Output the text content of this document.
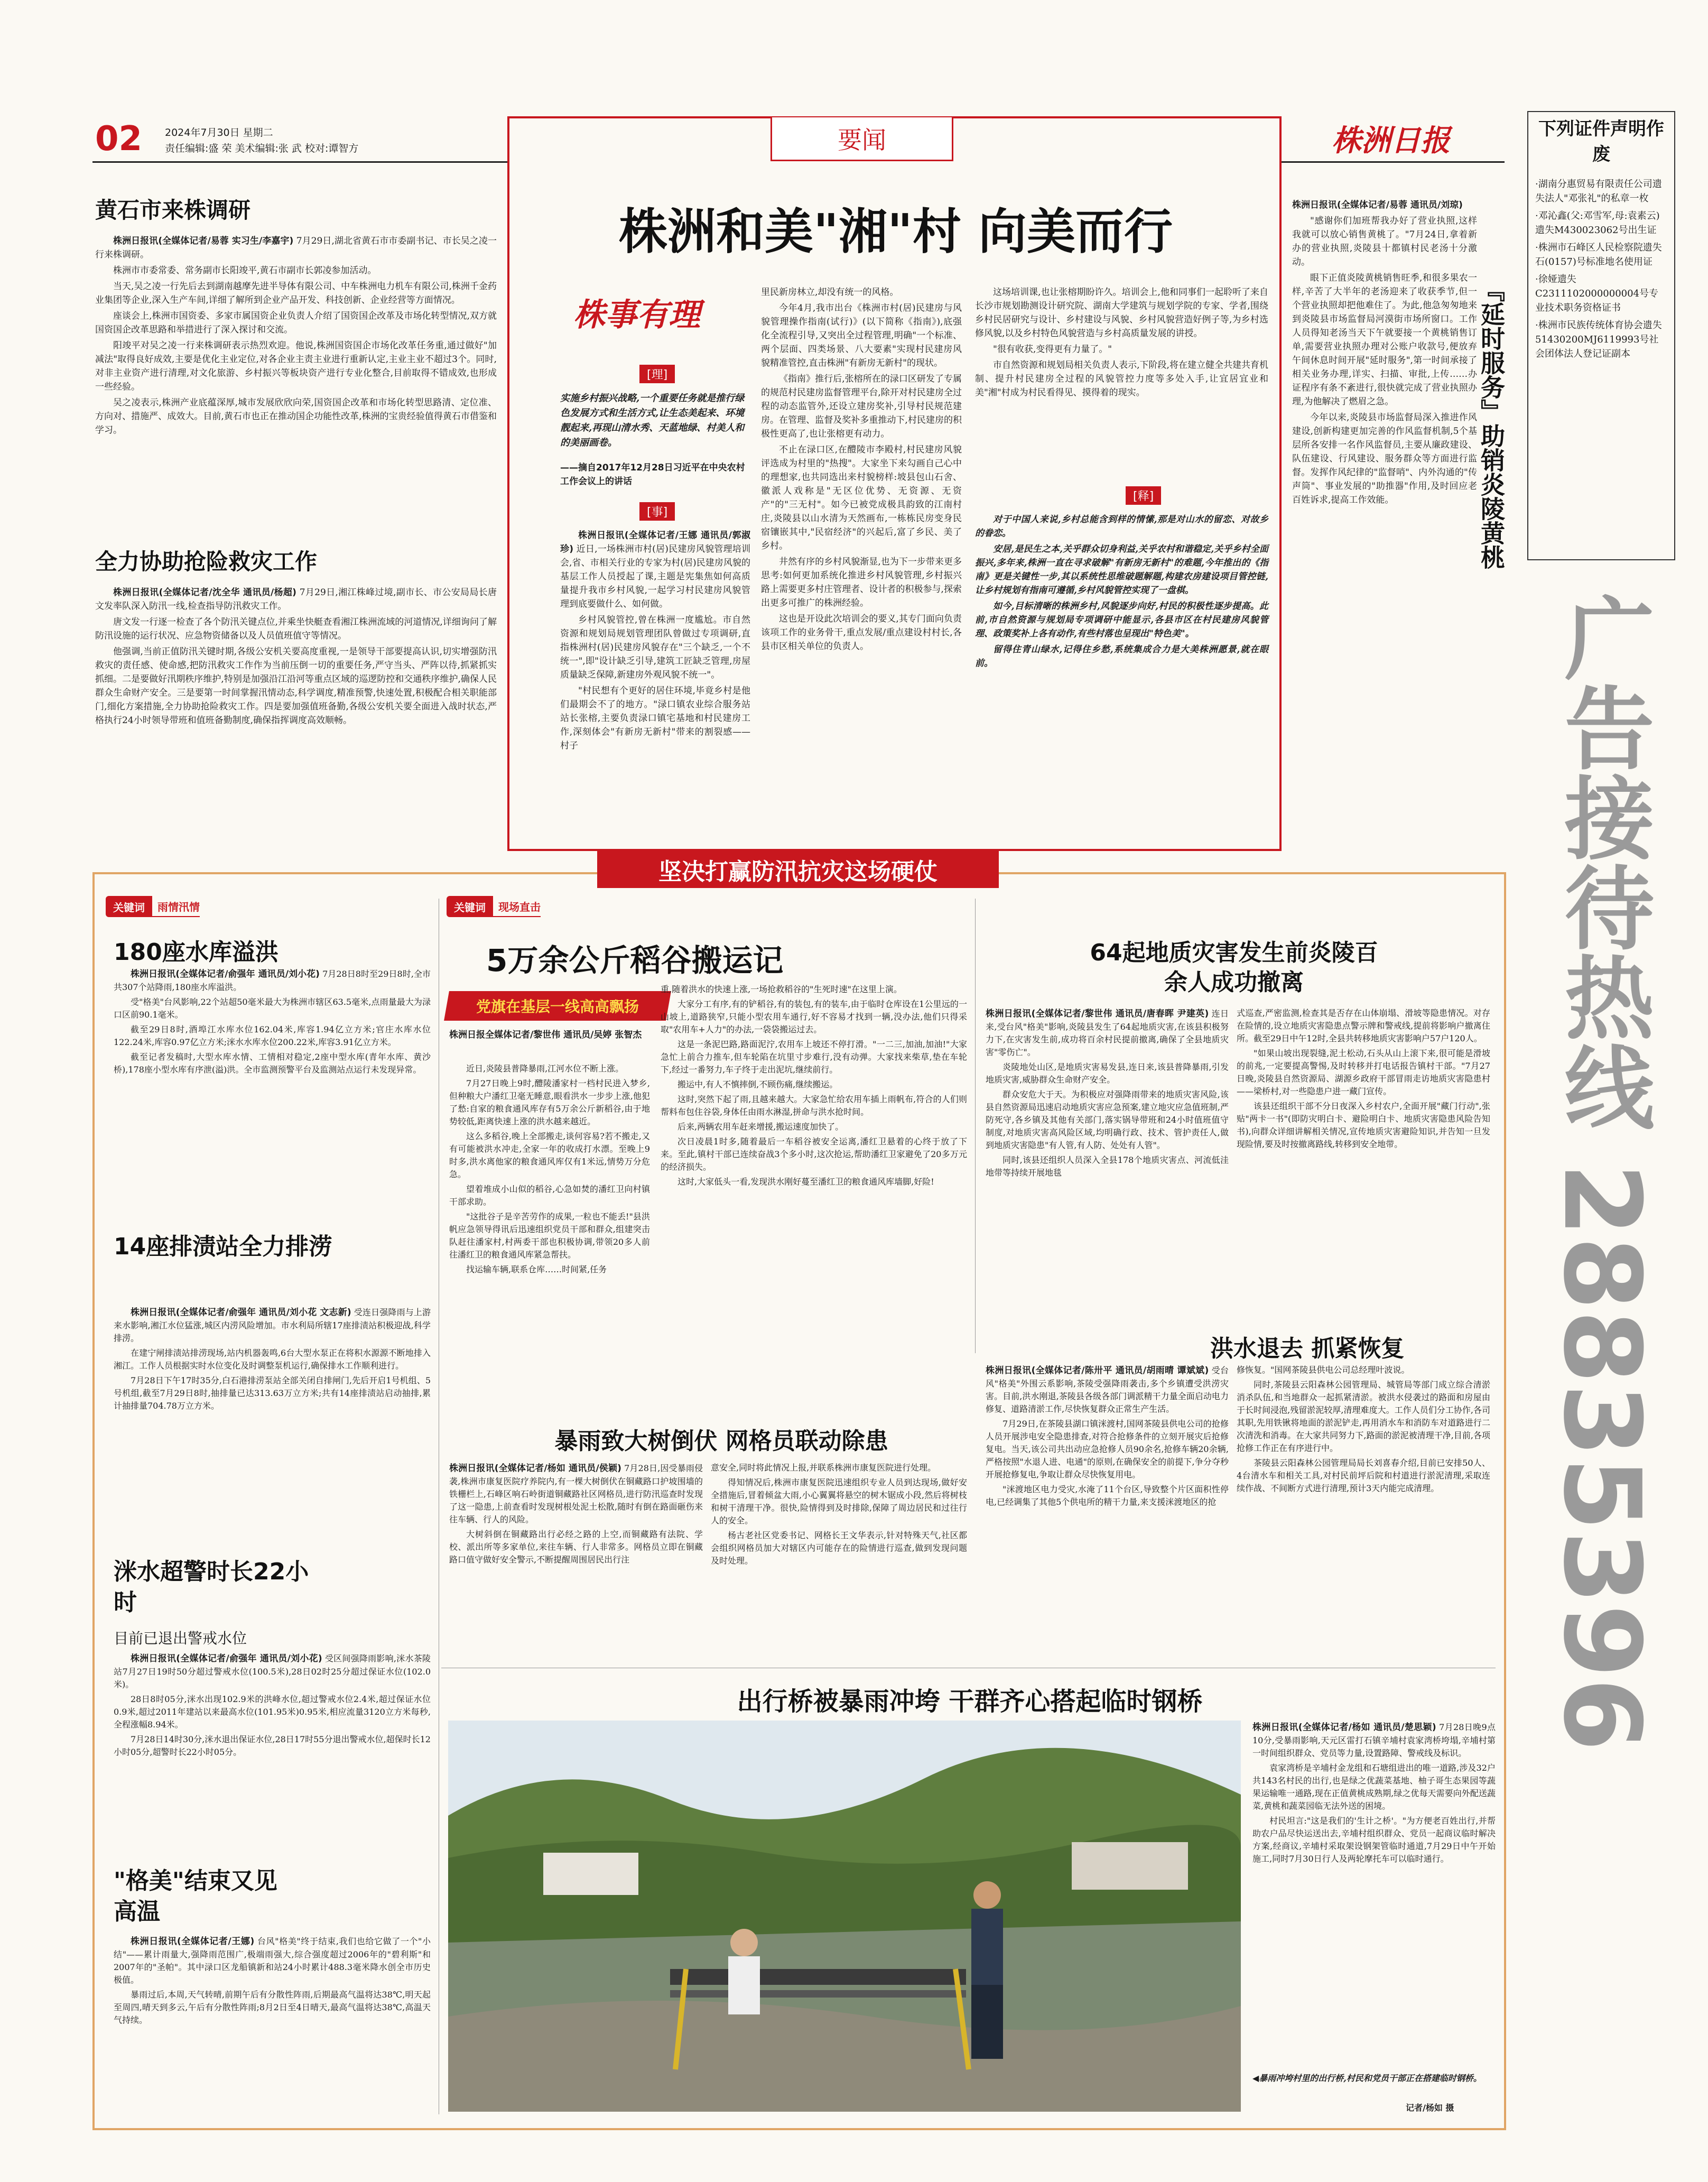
02 2024年7月30日 星期二
责任编辑:盛 荣 美术编辑:张 武 校对:谭智方	株洲日报
黄石市来株调研

株洲日报讯(全媒体记者/易蓉 实习生/李嘉宇) 7月29日,湖北省黄石市市委副书记、市长吴之凌一行来株调研。

株洲市市委常委、常务副市长阳竣平,黄石市副市长郭凌参加活动。

当天,吴之凌一行先后去到湖南越摩先进半导体有限公司、中车株洲电力机车有限公司,株洲千金药业集团等企业,深入生产车间,详细了解所到企业产品开发、科技创新、企业经营等方面情况。

座谈会上,株洲市国资委、多家市属国资企业负责人介绍了国资国企改革及市场化转型情况,双方就国资国企改革思路和举措进行了深入探讨和交流。

阳竣平对吴之凌一行来株调研表示热烈欢迎。他说,株洲国资国企市场化改革任务重,通过做好"加减法"取得良好成效,主要是优化主业定位,对各企业主责主业进行重新认定,主业主业不超过3个。同时,对非主业资产进行清理,对文化旅游、乡村振兴等板块资产进行专业化整合,目前取得不错成效,也形成一些经验。

吴之凌表示,株洲产业底蕴深厚,城市发展欣欣向荣,国资国企改革和市场化转型思路清、定位准、方向对、措施严、成效大。目前,黄石市也正在推动国企功能性改革,株洲的宝贵经验值得黄石市借鉴和学习。

全力协助抢险救灾工作

株洲日报讯(全媒体记者/沈全华 通讯员/杨超) 7月29日,湘江株峰过境,副市长、市公安局局长唐文发率队深入防汛一线,检查指导防汛救灾工作。

唐文发一行逐一检查了各个防汛关键点位,并乘坐快艇查看湘江株洲流域的河道情况,详细询问了解防汛设施的运行状况、应急物资储备以及人员值班值守等情况。

他强调,当前正值防汛关键时期,各级公安机关要高度重视,一是领导干部要提高认识,切实增强防汛救灾的责任感、使命感,把防汛救灾工作作为当前压倒一切的重要任务,严守当头、严阵以待,抓紧抓实抓细。二是要做好汛期秩序维护,特别是加强沿江沿河等重点区域的巡逻防控和交通秩序维护,确保人民群众生命财产安全。三是要第一时间掌握汛情动态,科学调度,精准预警,快速处置,积极配合相关职能部门,细化方案措施,全力协助抢险救灾工作。四是要加强值班备勤,各级公安机关要全面进入战时状态,严格执行24小时领导带班和值班备勤制度,确保指挥调度高效顺畅。

要闻
株洲和美"湘"村 向美而行
株事有理
[理]
实施乡村振兴战略,一个重要任务就是推行绿色发展方式和生活方式,让生态美起来、环境靓起来,再现山清水秀、天蓝地绿、村美人和的美丽画卷。
——摘自2017年12月28日习近平在中央农村工作会议上的讲话
[事]

株洲日报讯(全媒体记者/王娜 通讯员/郭淑珍) 近日,一场株洲市村(居)民建房风貌管理培训会,省、市相关行业的专家为村(居)民建房风貌的基层工作人员授起了课,主题是宪集焦如何高质量提升我市乡村风貌,一起学习村民建房风貌管理到底要做什么、如何做。

乡村风貌管控,曾在株洲一度尴尬。市自然资源和规划局规划管理团队曾做过专项调研,直指株洲村(居)民建房风貌存在"三个缺乏,一个不统一",即"设计缺乏引导,建筑工匠缺乏管理,房屋质量缺乏保障,新建房外观风貌不统一"。

"村民想有个更好的居住环境,毕竟乡村是他们最期会不了的地方。"渌口镇农业综合服务站站长张榕,主要负责渌口镇宅基地和村民建房工作,深刻体会"有新房无新村"带来的割裂感——村子

里民新房林立,却没有统一的风格。

今年4月,我市出台《株洲市村(居)民建房与风貌管理操作指南(试行)》(以下简称《指南》),底强化全流程引导,又突出全过程管理,明确"一个标准、两个层面、四类场景、八大要素"实现村民建房风貌精准管控,直击株洲"有新房无新村"的现状。

《指南》推行后,张榕所在的渌口区研发了专属的规范村民建房监督管理平台,除开对村民建房全过程的动态监管外,还设立建房奖补,引导村民规范建房。在管理、监督及奖补多重推动下,村民建房的积极性更高了,也让张榕更有动力。

不止在渌口区,在醴陵市李殿村,村民建房风貌评选成为村里的"热搜"。大家坐下来勾画自己心中的理想家,也共同选出来村貌榜样:坡县包山石舍、徽派人戏称是"无区位优势、无资源、无资产"的"三无村"。如今已被党成极具韵致的江南村庄,炎陵县以山水清为天然画布,一栋栋民房变身民宿镶嵌其中,"民宿经济"的兴起后,富了乡民、美了乡村。

井然有序的乡村风貌渐显,也为下一步带来更多思考:如何更加系统化推进乡村风貌管理,乡村振兴路上需要更多村庄管理者、设计者的积极参与,探索出更多可推广的株洲经验。

这也是开设此次培训会的要义,其专门面向负责该项工作的业务骨干,重点发展/重点建设村村长,各县市区相关单位的负责人。

这场培训课,也让张榕期盼许久。培训会上,他和同事们一起聆听了来自长沙市规划勘测设计研究院、湖南大学建筑与规划学院的专家、学者,围绕乡村民居研究与设计、乡村建设与风貌、乡村风貌营造好例子等,为乡村选修风貌,以及乡村特色风貌营造与乡村高质量发展的讲授。

"很有收获,变得更有力量了。"

市自然资源和规划局相关负责人表示,下阶段,将在建立健全共建共育机制、提升村民建房全过程的风貌管控力度等多处入手,让宜居宜业和美"湘"村成为村民看得见、摸得着的现实。

[释]

对于中国人来说,乡村总能含到样的情愫,那是对山水的留恋、对故乡的眷恋。

安居,是民生之本,关乎群众切身利益,关乎农村和谐稳定,关乎乡村全面振兴,多年来,株洲一直在寻求破解"有新房无新村"的难题,今年推出的《指南》更是关键性一步,其以系统性思维破题解题,构建农房建设项目管控链,让乡村规划有指南可遵循,乡村风貌管控实现了一盘棋。

如今,目标清晰的株洲乡村,风貌逐步向好,村民的积极性逐步提高。此前,市自然资源与规划局专项调研中能显示,各县市区在村民建房风貌管理、政策奖补上各有动作,有些村落也呈现出"特色美"。

留得住青山绿水,记得住乡愁,系统集成合力是大美株洲愿景,就在眼前。

株洲日报讯(全媒体记者/易蓉 通讯员/刘琼)

"感谢你们加班帮我办好了营业执照,这样我就可以放心销售黄桃了。"7月24日,拿着新办的营业执照,炎陵县十都镇村民老汤十分激动。

眼下正值炎陵黄桃销售旺季,和很多果农一样,辛苦了大半年的老汤迎来了收获季节,但一个营业执照却把他难住了。为此,他急匆匆地来到炎陵县市场监督局河漠街市场所窗口。工作人员得知老汤当天下午就要接一个黄桃销售订单,需要营业执照办理对公账户收款号,便放弃午间休息时间开展"延时服务",第一时间承接了相关业务办理,详实、扫描、审批,上传……办证程序有条不紊进行,很快就完成了营业执照办理,为他解决了燃眉之急。

今年以来,炎陵县市场监督局深入推进作风建设,创新构建更加完善的作风监督机制,5个基层所各安排一名作风监督员,主要从廉政建设、队伍建设、行风建设、服务群众等方面进行监督。发挥作风纪律的"监督哨"、内外沟通的"传声筒"、事业发展的"助推器"作用,及时回应老百姓诉求,提高工作效能。	『延时服务』助销炎陵黄桃
下列证件声明作废
·湖南分惠贸易有限责任公司遗失法人"邓张礼"的私章一枚
·邓沁鑫(父:邓雪军,母:袁素云)遗失M430023062号出生证
·株洲市石峰区人民检察院遗失石(0157)号标准地名使用证
·徐娅遗失C2311102000000004号专业技术职务资格证书
·株洲市民族传统体育协会遗失51430200MJ6119993号社会团体法人登记证副本
广告接待热线
28835396
坚决打赢防汛抗灾这场硬仗
关键词	雨情汛情
180座水库溢洪

株洲日报讯(全媒体记者/俞强年 通讯员/刘小花) 7月28日8时至29日8时,全市共307个站降雨,180座水库溢洪。

受"格美"台风影响,22个站超50毫米最大为株洲市辖区63.5毫米,点雨量最大为渌口区前90.1毫米。

截至29日8时,酒埠江水库水位162.04米,库容1.94亿立方米;官庄水库水位122.24米,库容0.97亿立方米;洣水水库水位200.22米,库容3.91亿立方米。

截至记者发稿时,大型水库水情、工情相对稳定,2座中型水库(青年水库、黄沙桥),178座小型水库有序泄(溢)洪。全市监测预警平台及监测站点运行未发现异常。

14座排渍站全力排涝

株洲日报讯(全媒体记者/俞强年 通讯员/刘小花 文志新) 受连日强降雨与上游来水影响,湘江水位猛涨,城区内涝风险增加。市水利局所辖17座排渍站积极迎战,科学排涝。

在建宁闸排渍站排涝现场,站内机器轰鸣,6台大型水泵正在将积水源源不断地排入湘江。工作人员根据实时水位变化及时调整泵机运行,确保排水工作顺利进行。

7月28日下午17时35分,白石港排涝泵站全部关闭自排闸门,先后开启1号机组、5号机组,截至7月29日8时,抽排量已达313.63万立方米;共有14座排渍站启动抽排,累计抽排量704.78万立方米。

洣水超警时长22小时
目前已退出警戒水位

株洲日报讯(全媒体记者/俞强年 通讯员/刘小花) 受区间强降雨影响,洣水茶陵站7月27日19时50分超过警戒水位(100.5米),28日02时25分超过保证水位(102.0米)。

28日8时05分,洣水出现102.9米的洪峰水位,超过警戒水位2.4米,超过保证水位0.9米,超过2011年建站以来最高水位(101.95米)0.95米,相应流量3120立方米每秒,全程涨幅8.94米。

7月28日14时30分,洣水退出保证水位,28日17时55分退出警戒水位,超保时长12小时05分,超警时长22小时05分。

"格美"结束又见高温

株洲日报讯(全媒体记者/王娜) 台风"格美"终于结束,我们也给它做了一个"小结"——累计雨量大,强降雨范围广,极端雨强大,综合强度超过2006年的"碧利斯"和2007年的"圣帕"。其中渌口区龙船镇新和站24小时累计488.3毫米降水创全市历史极值。

暴雨过后,本周,天气转晴,前期午后有分散性阵雨,后期最高气温将达38℃,明天起至周四,晴天到多云,午后有分散性阵雨;8月2日至4日晴天,最高气温将达38℃,高温天气持续。

关键词	现场直击
5万余公斤稻谷搬运记
党旗在基层一线高高飘扬
株洲日报全媒体记者/黎世伟 通讯员/吴婷 张智杰

近日,炎陵县普降暴雨,江河水位不断上涨。

7月27日晚上9时,醴陵潘家村一档村民进入梦乡,但种粮大户潘红卫毫无睡意,眼看洪水一步步上涨,他犯了愁:自家的粮食通风库存有5万余公斤新稻谷,由于地势较低,距离快速上涨的洪水越来越近。

这么多稻谷,晚上全部搬走,谈何容易?若不搬走,又有可能被洪水冲走,全家一年的收成打水漂。至晚上9时多,洪水离他家的粮食通风库仅有1米远,情势万分危急。

望着堆成小山似的稻谷,心急如焚的潘红卫向村镇干部求助。

"这批谷子是辛苦劳作的成果,一粒也不能丢!"县洪帆应急领导得讯后迅速组织党员干部和群众,组建突击队赶往潘家村,村两委干部也积极协调,带领20多人前往潘红卫的粮食通风库紧急帮扶。

找运输车辆,联系仓库……时间紧,任务

重,随着洪水的快速上涨,一场抢救稻谷的"生死时速"在这里上演。

大家分工有序,有的铲稻谷,有的装包,有的装车,由于临时仓库设在1公里远的一山坡上,道路狭窄,只能小型农用车通行,好不容易才找到一辆,没办法,他们只得采取"农用车+人力"的办法,一袋袋搬运过去。

这是一条泥巴路,路面泥泞,农用车上坡还不停打滑。"一二三,加油,加油!"大家急忙上前合力推车,但车轮陷在坑里寸步难行,没有动弹。大家找来柴草,垫在车轮下,经过一番努力,车子终于走出泥坑,继续前行。

搬运中,有人不慎摔倒,不顾伤痛,继续搬运。

这时,突然下起了雨,且越来越大。大家急忙给农用车插上雨帆布,符合的人们则帮料布包住谷袋,身体任由雨水淋湿,拼命与洪水抢时间。

后来,两辆农用车赶来增援,搬运速度加快了。

次日凌晨1时多,随着最后一车稻谷被安全运离,潘红卫悬着的心终于放了下来。至此,镇村干部已连续奋战3个多小时,这次抢运,帮助潘红卫家避免了20多万元的经济损失。

这时,大家低头一看,发现洪水刚好蔓至潘红卫的粮食通风库墙脚,好险!

64起地质灾害发生前炎陵百余人成功撤离

株洲日报讯(全媒体记者/黎世伟 通讯员/唐春晖 尹建英) 连日来,受台风"格美"影响,炎陵县发生了64起地质灾害,在该县积极努力下,在灾害发生前,成功将百余村民提前撤离,确保了全县地质灾害"零伤亡"。

炎陵地处山区,是地质灾害易发县,连日来,该县普降暴雨,引发地质灾害,威胁群众生命财产安全。

群众安危大于天。为积极应对强降雨带来的地质灾害风险,该县自然资源局迅速启动地质灾害应急预案,建立地灾应急值班制,严防死守,各乡镇及其他有关部门,落实锅导带班和24小时值班值守制度,对地质灾害高风险区域,均明确行政、技术、管护责任人,做到地质灾害隐患"有人管,有人防、处处有人管"。

同时,该县还组织人员深入全县178个地质灾害点、河流低洼地带等持续开展地毯

式巡查,严密监测,检查其是否存在山体崩塌、滑坡等隐患情况。对存在险情的,设立地质灾害隐患点警示牌和警戒线,提前将影响户撤离住所。截至29日中午12时,全县共转移地质灾害影响户57户120人。

"如果山坡出现裂缝,泥土松动,石头从山上滚下来,很可能是滑坡的前兆,一定要提高警惕,及时转移并打电话报告镇村干部。"7月27日晚,炎陵县自然资源局、湖源乡政府干部冒雨走访地质灾害隐患村——梁桥村,对一些隐患户进一藏门宣传。

该县还组织干部不分日夜深入乡村农户,全面开展"藏门行动",张贴"两卡一书"(即防灾明白卡、避险明白卡、地质灾害隐患风险告知书),向群众详细讲解相关情况,宣传地质灾害避险知识,并告知一旦发现险情,要及时按撤离路线,转移到安全地带。

洪水退去 抓紧恢复

株洲日报讯(全媒体记者/陈卅平 通讯员/胡雨晴 谭斌斌) 受台风"格美"外围云系影响,茶陵受强降雨袭击,多个乡镇遭受洪涝灾害。目前,洪水刚退,茶陵县各级各部门调派精干力量全面启动电力修复、道路清淤工作,尽快恢复群众正常生产生活。

7月29日,在茶陵县湖口镇洣渡村,国网茶陵县供电公司的抢修人员开展涉电安全隐患排查,对符合抢修条件的立刻开展灾后抢修复电。当天,该公司共出动应急抢修人员90余名,抢修车辆20余辆,严格按照"水退人进、电通"的原则,在确保安全的前提下,争分夺秒开展抢修复电,争取让群众尽快恢复用电。

"洣渡地区电力受灾,水淹了11个台区,导致整个片区面积性停电,已经调集了其他5个供电所的精干力量,来支援洣渡地区的抢

修恢复。"国网茶陵县供电公司总经理叶波说。

同时,茶陵县云阳森林公园管理局、城管局等部门成立综合清淤消杀队伍,和当地群众一起抓紧清淤。被洪水侵袭过的路面和房屋由于长时间浸泡,残留淤泥较厚,清理难度大。工作人员们分工协作,各司其职,先用铁锹将地面的淤泥铲走,再用消水车和消防车对道路进行二次清洗和消毒。在大家共同努力下,路面的淤泥被清理干净,目前,各项抢修工作正在有序进行中。

茶陵县云阳森林公园管理局局长刘喜春介绍,目前已安排50人、4台清水车和相关工具,对村民前坪后院和村道进行淤泥清理,采取连续作战、不间断方式进行清理,预计3天内能完成清理。

暴雨致大树倒伏 网格员联动除患

株洲日报讯(全媒体记者/杨如 通讯员/侯颖) 7月28日,因受暴雨侵袭,株洲市康复医院疗养院内,有一棵大树倒伏在铜藏路口护坡围墙的铁栅栏上,石峰区响石岭街道铜藏路社区网格员,进行防汛巡查时发现了这一隐患,上前查看时发现树根处泥土松散,随时有倒在路面砸伤来往车辆、行人的风险。

大树斜倒在铜藏路出行必经之路的上空,而铜藏路有法院、学校、派出所等多家单位,来往车辆、行人非常多。网格员立即在铜藏路口值守做好安全警示,不断提醒周围居民出行注

意安全,同时将此情况上报,并联系株洲市康复医院进行处理。

得知情况后,株洲市康复医院迅速组织专业人员到达现场,做好安全措施后,冒着倾盆大雨,小心翼翼将悬空的树木锯成小段,然后将树枝和树干清理干净。很快,险情得到及时排除,保障了周边居民和过往行人的安全。

杨古老社区党委书记、网格长王文华表示,针对特殊天气,社区都会组织网格员加大对辖区内可能存在的险情进行巡查,做到发现问题及时处理。

出行桥被暴雨冲垮 干群齐心搭起临时钢桥

株洲日报讯(全媒体记者/杨如 通讯员/楚思颖) 7月28日晚9点10分,受暴雨影响,天元区雷打石镇辛埔村袁家湾桥垮塌,辛埔村第一时间组织群众、党员等力量,设置路障、警戒线及标识。

袁家湾桥是辛埔村金龙组和石塘组进出的唯一道路,涉及32户共143名村民的出行,也是绿之优蔬菜基地、柚子哥生态果园等蔬果运输唯一通路,现在正值黄桃成熟期,绿之优每天需要向外配送蔬菜,黄桃和蔬菜园临无法外送的困境。

村民坦言:"这是我们的'生计之桥'。"为方便老百姓出行,并帮助农户品尽快运送出去,辛埔村组织群众、党员一起商议临时解决方案,经商议,辛埔村采取架设钢架管临时通道,7月29日中午开始施工,同时7月30日行人及两轮摩托车可以临时通行。

◀暴雨冲垮村里的出行桥,村民和党员干部正在搭建临时钢桥。
记者/杨如 摄
